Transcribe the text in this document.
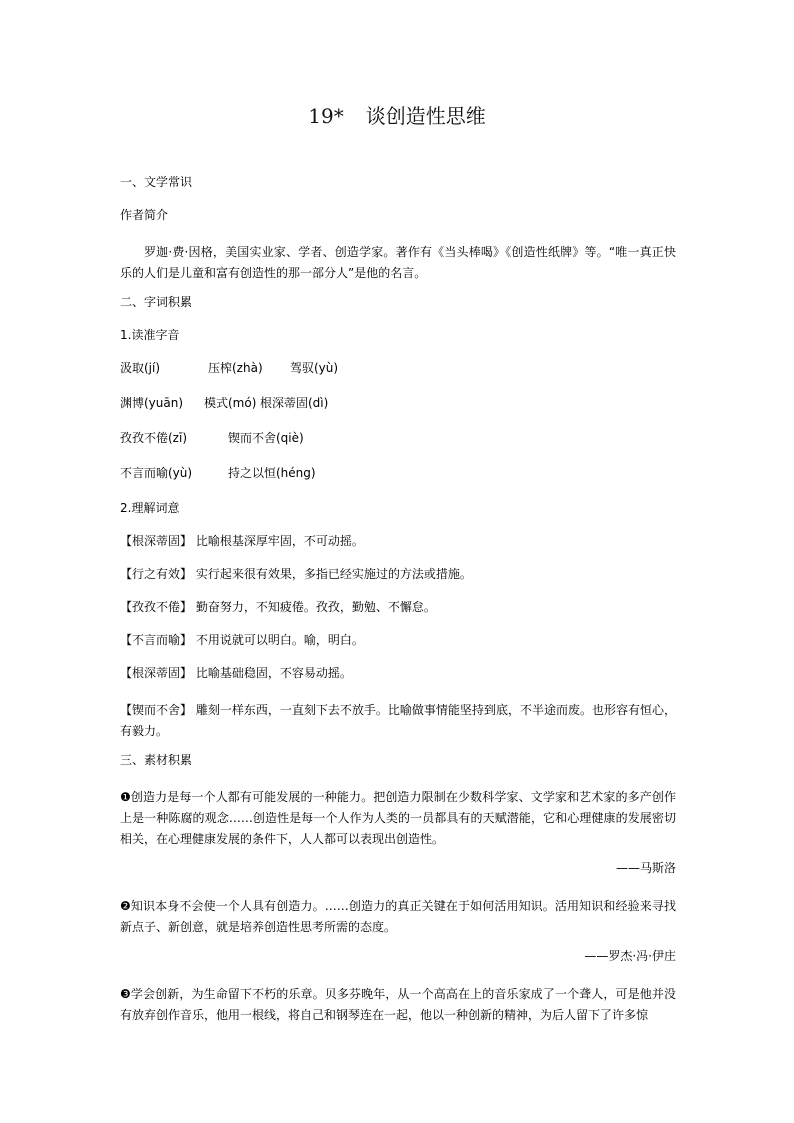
19* 谈创造性思维
一、文学常识
作者简介
罗迦·费·因格，美国实业家、学者、创造学家。著作有《当头棒喝》《创造性纸牌》等。“唯一真正快乐的人们是儿童和富有创造性的那一部分人”是他的名言。
二、字词积累
1.读准字音
汲取(jí)	压榨(zhà) 驾驭(yù)
渊博(yuān) 模式(mó) 根深蒂固(dì)
孜孜不倦(zī)	锲而不舍(qiè)
不言而喻(yù)	持之以恒(héng)
2.理解词意
【根深蒂固】 比喻根基深厚牢固，不可动摇。
【行之有效】 实行起来很有效果，多指已经实施过的方法或措施。
【孜孜不倦】 勤奋努力，不知疲倦。孜孜，勤勉、不懈怠。
【不言而喻】 不用说就可以明白。喻，明白。
【根深蒂固】 比喻基础稳固，不容易动摇。
【锲而不舍】 雕刻一样东西，一直刻下去不放手。比喻做事情能坚持到底，不半途而废。也形容有恒心，有毅力。
三、素材积累
❶创造力是每一个人都有可能发展的一种能力。把创造力限制在少数科学家、文学家和艺术家的多产创作上是一种陈腐的观念……创造性是每一个人作为人类的一员都具有的天赋潜能，它和心理健康的发展密切相关，在心理健康发展的条件下，人人都可以表现出创造性。
——马斯洛
❷知识本身不会使一个人具有创造力。……创造力的真正关键在于如何活用知识。活用知识和经验来寻找新点子、新创意，就是培养创造性思考所需的态度。
——罗杰·冯·伊庄
❸学会创新，为生命留下不朽的乐章。贝多芬晚年，从一个高高在上的音乐家成了一个聋人，可是他并没有放弃创作音乐，他用一根线，将自己和钢琴连在一起，他以一种创新的精神，为后人留下了许多惊
